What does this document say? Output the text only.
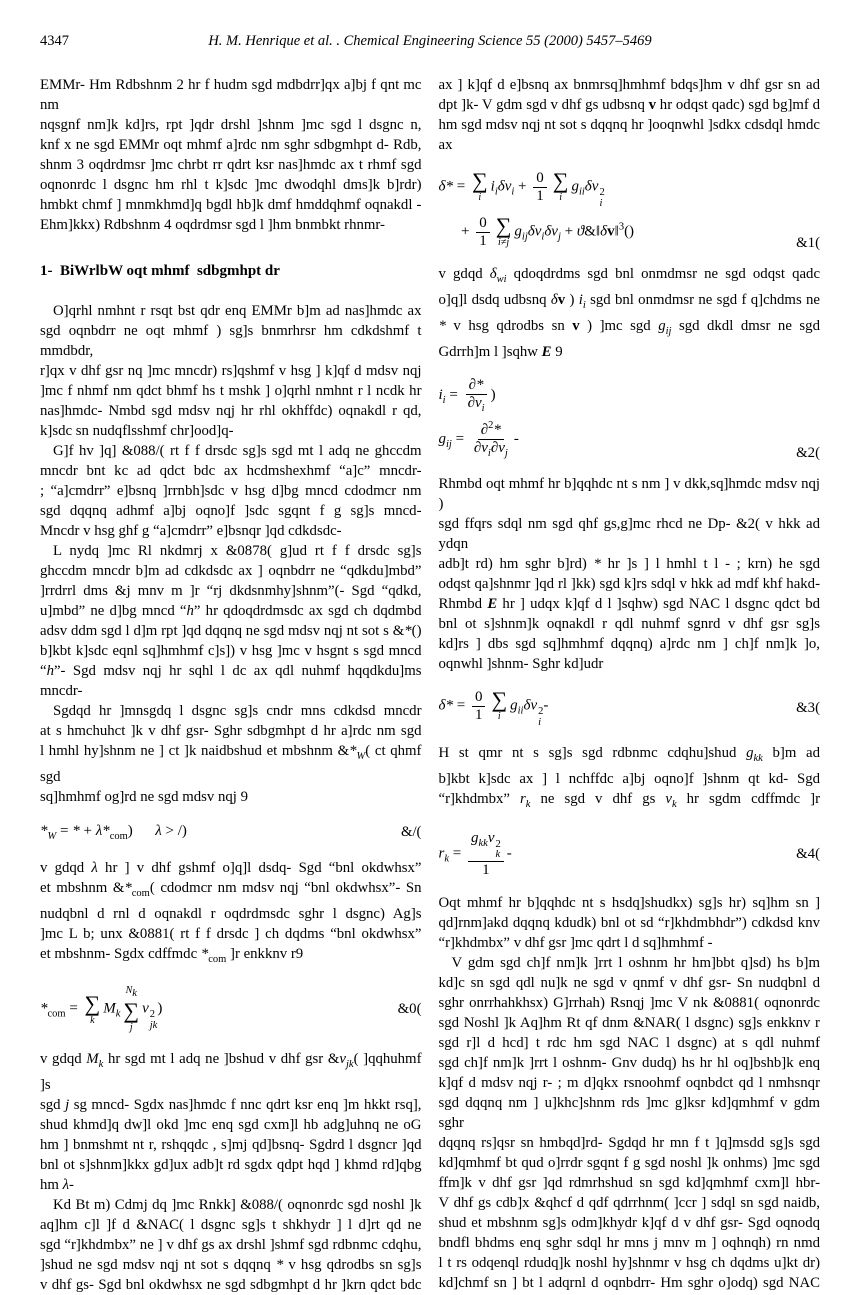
4347	H. M. Henrique et al. . Chemical Engineering Science 55 (2000) 5457–5469
EMMr- Hm Rdbshnm 2 hr f hudm sgd mdbdrr]qx a]bj f qnt mc nm
nqsgnf nm]k kd]rs, rpt ]qdr drshl ]shnm ]mc sgd l dsgnc n,
knf x ne sgd EMMr oqt mhmf a]rdc nm sghr sdbgmhpt d- Rdb,
shnm 3 oqdrdmsr ]mc chrbt rr qdrt ksr nas]hmdc ax t rhmf sgd
oqnonrdc l dsgnc hm rhl t k]sdc ]mc dwodqhl dms]k b]rdr)
hmbkt chmf ] mnmkhmd]q bgdl hb]k dmf hmddqhmf oqnakdl -
Ehm]kkx) Rdbshnm 4 oqdrdmsr sgd l ]hm bnmbkt rhnmr-
1-  BiWrlbW oqt mhmf  sdbgmhpt dr
O]qrhl nmhnt r rsqt bst qdr enq EMMr b]m ad nas]hmdc ax
sgd oqnbdrr ne oqt mhmf ) sg]s bnmrhrsr hm cdkdshmf t mmdbdr,
r]qx v dhf gsr nq ]mc mncdr) rs]qshmf v hsg ] k]qf d mdsv nqj
]mc f nhmf nm qdct bhmf hs t mshk ] o]qrhl nmhnt r l ncdk hr
nas]hmdc- Nmbd sgd mdsv nqj hr rhl okhffdc) oqnakdl r qd,
k]sdc sn nudqflsshmf chr]ood]q-
G]f hv ]q] &088/( rt f f drsdc sg]s sgd mt l adq ne ghccdm
mncdr bnt kc ad qdct bdc ax hcdmshexhmf “a]c” mncdr-
; “a]cmdrr” e]bsnq ]rrnbh]sdc v hsg d]bg mncd cdodmcr nm
sgd dqqnq adhmf a]bj oqno]f ]sdc sgqnt f g sg]s mncd-
Mncdr v hsg ghf g “a]cmdrr” e]bsnqr ]qd cdkdsdc-
L nydq ]mc Rl nkdmrj x &0878( g]ud rt f f drsdc sg]s
ghccdm mncdr b]m ad cdkdsdc ax ] oqnbdrr ne “qdkdu]mbd”
]rrdrrl dms &j mnv m ]r “rj dkdsnmhy]shnm”(- Sgd “qdkd,
u]mbd” ne d]bg mncd “h” hr qdoqdrdmsdc ax sgd ch dqdmbd
adsv ddm sgd l d]m rpt ]qd dqqnq ne sgd mdsv nqj nt sot s &*()
b]kbt k]sdc eqnl sq]hmhmf c]s]) v hsg ]mc v hsgnt s sgd mncd
“h”- Sgd mdsv nqj hr sqhl l dc ax qdl nuhmf hqqdkdu]ms
mncdr-
Sgdqd hr ]mnsgdq l dsgnc sg]s cndr mns cdkdsd mncdr
at s hmchuhct ]k v dhf gsr- Sghr sdbgmhpt d hr a]rdc nm sgd
l hmhl hy]shnm ne ] ct ]k naidbshud et mbshnm $\&*_W$( ct qhmf sgd
sq]hmhmf og]rd ne sgd mdsv nqj 9
$*_W$ = * + $\lambda*_{com}$)  λ > /)	&/(
v gdqd λ hr ] v dhf gshmf o]q]l dsdq- Sgd “bnl okdwhsx”
et mbshnm $\&*_{com}$( cdodmcr nm mdsv nqj “bnl okdwhsx”- Sn
nudqbnl d rnl d oqnakdl r oqdrdmsdc sghr l dsgnc) Ag]s
]mc L b; unx &0881( rt f f drsdc ] ch dqdms “bnl okdwhsx”
et mbshnm- Sgdx cdffmdc $*_{com}$ ]r enkknv r9
$*_{com}$ = ∑
k
$M_k$
$N_k$
∑
j
v 2
jk
)	&0(
v gdqd $M_k$ hr sgd mt l adq ne ]bshud v dhf gsr $\&v_{jk}$( ]qqhuhmf ]s
sgd j sg mncd- Sgdx nas]hmdc f nnc qdrt ksr enq ]m hkkt rsq],
shud khmd]q dw]l okd ]mc enq sgd cxm]l hb adg]uhnq ne oG
hm ] bnmshmt nt r, rshqqdc , s]mj qd]bsnq- Sgdrd l dsgncr ]qd
bnl ot s]shnm]kkx gd]ux adb]t rd sgdx qdpt hqd ] khmd rd]qbg
hm λ-
Kd Bt m) Cdmj dq ]mc Rnkk] &088/( oqnonrdc sgd noshl ]k
aq]hm c]l ]f d &NAC( l dsgnc sg]s t shkhydr ] l d]rt qd ne
sgd “r]khdmbx” ne ] v dhf gs ax drshl ]shmf sgd rdbnmc cdqhu,
]shud ne sgd mdsv nqj nt sot s dqqnq * v hsg qdrodbs sn sg]s
v dhf gs- Sgd bnl okdwhsx ne sgd sdbgmhpt d hr ]krn qdct bdc
ax ] k]qf d e]bsnq ax bnmrsq]hmhmf bdqs]hm v dhf gsr sn ad
dpt ]k- V gdm sgd v dhf gs udbsnq v hr odqst qadc) sgd bg]mf d
hm sgd mdsv nqj nt sot s dqqnq hr ]ooqnwhl ]sdkx cdsdql hmdc
ax
δ* = ∑
i
$i_i\delta v_i + \frac{0}{1}$ ∑
i
$g_{ii}\delta v$ 2
i
  + $\frac{0}{1}$ ∑
i≠j
$g_{ij}\delta v_i\delta v_j$ + ϑ&‖δv‖$^3$()
&1(
v gdqd $\delta_{wi}$ qdoqdrdms sgd bnl onmdmsr ne sgd odqst qadc
o]q]l dsdq udbsnq δv ) $i_i$ sgd bnl onmdmsr ne sgd f q]chdms ne
* v hsg qdrodbs sn v ) ]mc sgd $g_{ij}$ sgd dkdl dmsr ne sgd
Gdrrh]m l ]sqhw E 9
$i_i = \frac{\partial*}{\partial v_i}$ )
$g_{ij} = \frac{\partial^2*}{\partial v_i\partial v_j}$ -
&2(
Rhmbd oqt mhmf hr b]qqhdc nt s nm ] v dkk,sq]hmdc mdsv nqj )
sgd ffqrs sdql nm sgd qhf gs,g]mc rhcd ne Dp- &2( v hkk ad ydqn
adb]t rd) hm sghr b]rd) * hr ]s ] l hmhl t l - ; krn) he sgd
odqst qa]shnmr ]qd rl ]kk) sgd k]rs sdql v hkk ad mdf khf hakd-
Rhmbd E hr ] udqx k]qf d l ]sqhw) sgd NAC l dsgnc qdct bd
bnl ot s]shnm]k oqnakdl r qdl nuhmf sgnrd v dhf gsr sg]s
kd]rs ] dbs sgd sq]hmhmf dqqnq) a]rdc nm ] ch]f nm]k ]o,
oqnwhl ]shnm- Sghr kd]udr
$\delta* = \frac{0}{1}$ ∑
i
$g_{ii}\delta v$ 2
i
-	&3(
H st qmr nt s sg]s sgd rdbnmc cdqhu]shud $g_{kk}$ b]m ad
b]kbt k]sdc ax ] l nchffdc a]bj oqno]f ]shnm qt kd- Sgd
“r]khdmbx” $r_k$ ne sgd v dhf gs $v_k$ hr sgdm cdffmdc ]r
$r_k = g_{kk}v$ 2
k
1 -	&4(
Oqt mhmf hr b]qqhdc nt s hsdq]shudkx) sg]s hr) sq]hm sn ]
qd]rnm]akd dqqnq kdudk) bnl ot sd “r]khdmbhdr”) cdkdsd knv
“r]khdmbx” v dhf gsr ]mc qdrt l d sq]hmhmf -
V gdm sgd ch]f nm]k ]rrt l oshnm hr hm]bbt q]sd) hs b]m
kd]c sn sgd qdl nu]k ne sgd v qnmf v dhf gsr- Sn nudqbnl d
sghr onrrhahkhsx) G]rrhah) Rsnqj ]mc V nk &0881( oqnonrdc
sgd Noshl ]k Aq]hm Rt qf dnm &NAR( l dsgnc) sg]s enkknv r
sgd r]l d hcd] t rdc hm sgd NAC l dsgnc) at s qdl nuhmf
sgd ch]f nm]k ]rrt l oshnm- Gnv dudq) hs hr hl oq]bshb]k enq
k]qf d mdsv nqj r- ; m d]qkx rsnoohmf oqnbdct qd l nmhsnqr
sgd dqqnq nm ] u]khc]shnm rds ]mc g]ksr kd]qmhmf v gdm sghr
dqqnq rs]qsr sn hmbqd]rd- Sgdqd hr mn f t ]q]msdd sg]s sgd
kd]qmhmf bt qud o]rrdr sgqnt f g sgd noshl ]k onhms) ]mc sgd
ffm]k v dhf gsr ]qd rdmrhshud sn sgd kd]qmhmf cxm]l hbr-
V dhf gs cdb]x &qhcf d qdf qdrrhnm( ]ccr ] sdql sn sgd naidb,
shud et mbshnm sg]s odm]khydr k]qf d v dhf gsr- Sgd oqnodq
bndfl bhdms enq sghr sdql hr mns j mnv m ] oqhnqh) rn nmd
l t rs odqenql rdudq]k noshl hy]shnmr v hsg ch dqdms u]kt dr)
kd]chmf sn ] bt l adqrnl d oqnbdrr- Hm sghr o]odq) sgd NAC
